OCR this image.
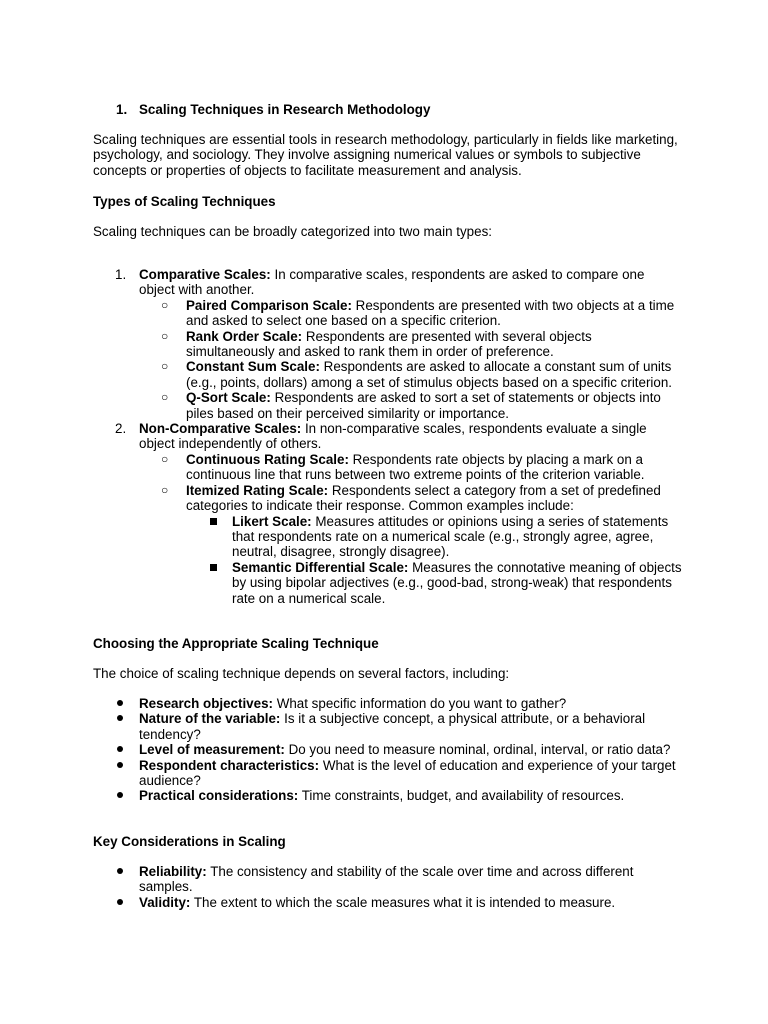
1. Scaling Techniques in Research Methodology

Scaling techniques are essential tools in research methodology, particularly in fields like marketing, psychology, and sociology. They involve assigning numerical values or symbols to subjective concepts or properties of objects to facilitate measurement and analysis.

Types of Scaling Techniques

Scaling techniques can be broadly categorized into two main types:

1. Comparative Scales: In comparative scales, respondents are asked to compare one object with another.
○ Paired Comparison Scale: Respondents are presented with two objects at a time and asked to select one based on a specific criterion.
○ Rank Order Scale: Respondents are presented with several objects simultaneously and asked to rank them in order of preference.
○ Constant Sum Scale: Respondents are asked to allocate a constant sum of units (e.g., points, dollars) among a set of stimulus objects based on a specific criterion.
○ Q-Sort Scale: Respondents are asked to sort a set of statements or objects into piles based on their perceived similarity or importance.
2. Non-Comparative Scales: In non-comparative scales, respondents evaluate a single object independently of others.
○ Continuous Rating Scale: Respondents rate objects by placing a mark on a continuous line that runs between two extreme points of the criterion variable.
○ Itemized Rating Scale: Respondents select a category from a set of predefined categories to indicate their response. Common examples include:
Likert Scale: Measures attitudes or opinions using a series of statements that respondents rate on a numerical scale (e.g., strongly agree, agree, neutral, disagree, strongly disagree).
Semantic Differential Scale: Measures the connotative meaning of objects by using bipolar adjectives (e.g., good-bad, strong-weak) that respondents rate on a numerical scale.

Choosing the Appropriate Scaling Technique

The choice of scaling technique depends on several factors, including:

Research objectives: What specific information do you want to gather?
Nature of the variable: Is it a subjective concept, a physical attribute, or a behavioral tendency?
Level of measurement: Do you need to measure nominal, ordinal, interval, or ratio data?
Respondent characteristics: What is the level of education and experience of your target audience?
Practical considerations: Time constraints, budget, and availability of resources.

Key Considerations in Scaling

Reliability: The consistency and stability of the scale over time and across different samples.
Validity: The extent to which the scale measures what it is intended to measure.
